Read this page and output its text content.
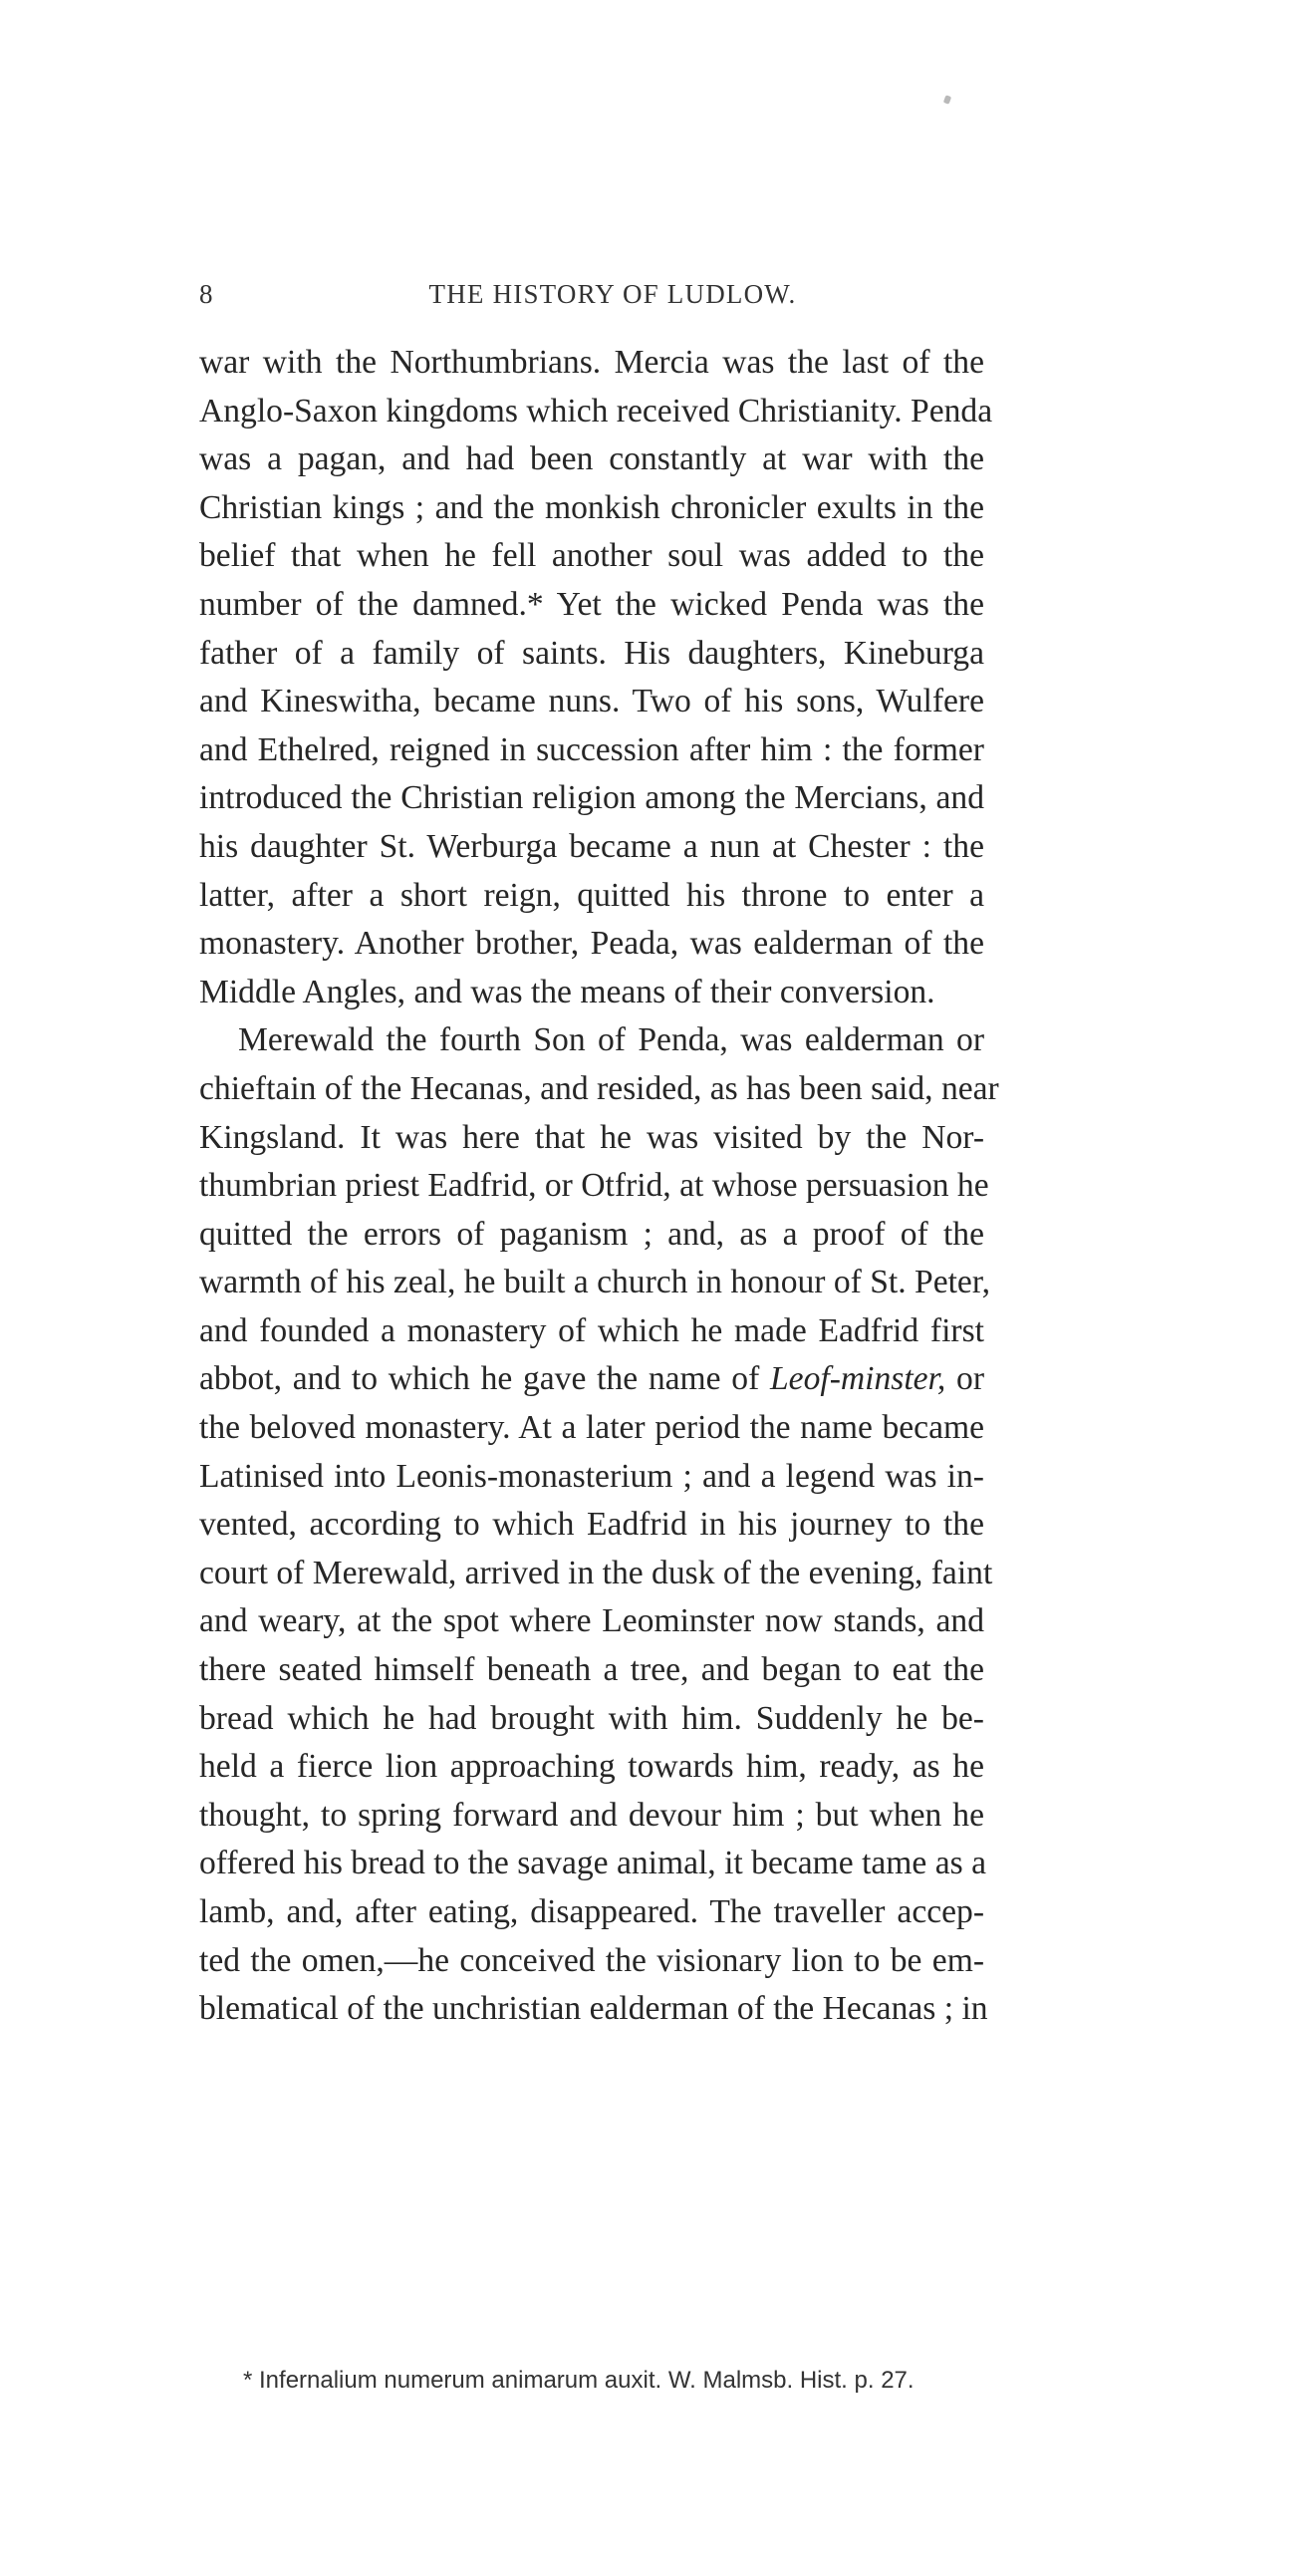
8	THE HISTORY OF LUDLOW.
war with the Northumbrians. Mercia was the last of the
Anglo-Saxon kingdoms which received Christianity. Penda
was a pagan, and had been constantly at war with the
Christian kings ; and the monkish chronicler exults in the
belief that when he fell another soul was added to the
number of the damned.* Yet the wicked Penda was the
father of a family of saints. His daughters, Kineburga
and Kineswitha, became nuns. Two of his sons, Wulfere
and Ethelred, reigned in succession after him : the former
introduced the Christian religion among the Mercians, and
his daughter St. Werburga became a nun at Chester : the
latter, after a short reign, quitted his throne to enter a
monastery. Another brother, Peada, was ealderman of the
Middle Angles, and was the means of their conversion.
Merewald the fourth Son of Penda, was ealderman or
chieftain of the Hecanas, and resided, as has been said, near
Kingsland. It was here that he was visited by the Nor-
thumbrian priest Eadfrid, or Otfrid, at whose persuasion he
quitted the errors of paganism ; and, as a proof of the
warmth of his zeal, he built a church in honour of St. Peter,
and founded a monastery of which he made Eadfrid first
abbot, and to which he gave the name of Leof-minster, or
the beloved monastery. At a later period the name became
Latinised into Leonis-monasterium ; and a legend was in-
vented, according to which Eadfrid in his journey to the
court of Merewald, arrived in the dusk of the evening, faint
and weary, at the spot where Leominster now stands, and
there seated himself beneath a tree, and began to eat the
bread which he had brought with him. Suddenly he be-
held a fierce lion approaching towards him, ready, as he
thought, to spring forward and devour him ; but when he
offered his bread to the savage animal, it became tame as a
lamb, and, after eating, disappeared. The traveller accep-
ted the omen,—he conceived the visionary lion to be em-
blematical of the unchristian ealderman of the Hecanas ; in
* Infernalium numerum animarum auxit. W. Malmsb. Hist. p. 27.
